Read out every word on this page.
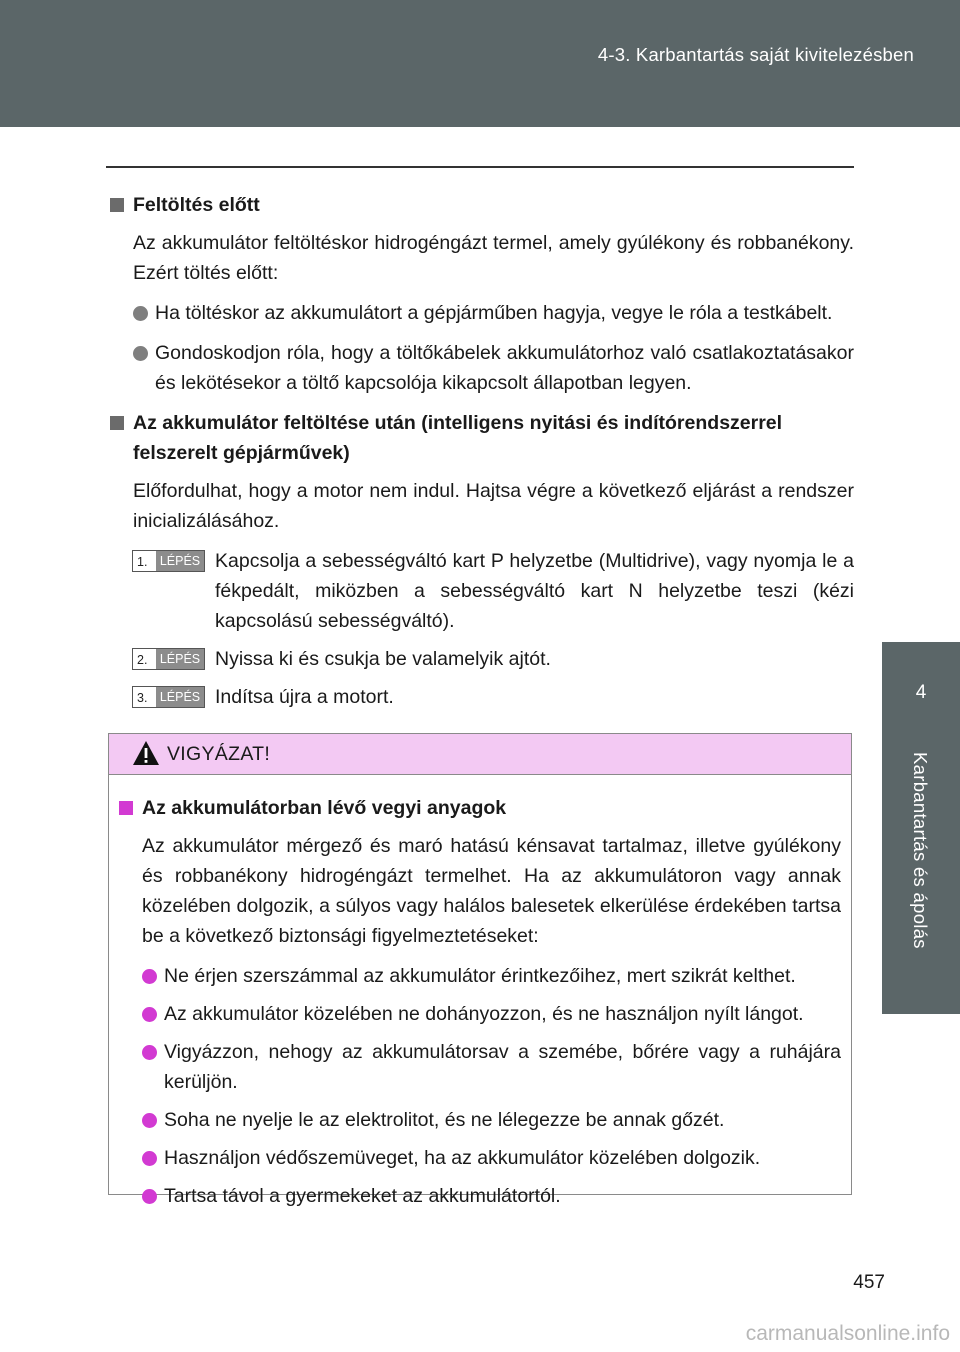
4-3. Karbantartás saját kivitelezésben
4
Karbantartás és ápolás
Feltöltés előtt
Az akkumulátor feltöltéskor hidrogéngázt termel, amely gyúlékony és robbanékony. Ezért töltés előtt:
Ha töltéskor az akkumulátort a gépjárműben hagyja, vegye le róla a testkábelt.
Gondoskodjon róla, hogy a töltőkábelek akkumulátorhoz való csatlakoztatásakor és lekötésekor a töltő kapcsolója kikapcsolt állapotban legyen.
Az akkumulátor feltöltése után (intelligens nyitási és indítórendszerrel felszerelt gépjárművek)
Előfordulhat, hogy a motor nem indul. Hajtsa végre a következő eljárást a rendszer inicializálásához.
1. LÉPÉS Kapcsolja a sebességváltó kart P helyzetbe (Multidrive), vagy nyomja le a fékpedált, miközben a sebességváltó kart N helyzetbe teszi (kézi kapcsolású sebességváltó).
2. LÉPÉS Nyissa ki és csukja be valamelyik ajtót.
3. LÉPÉS Indítsa újra a motort.
VIGYÁZAT!
Az akkumulátorban lévő vegyi anyagok
Az akkumulátor mérgező és maró hatású kénsavat tartalmaz, illetve gyúlékony és robbanékony hidrogéngázt termelhet. Ha az akkumulátoron vagy annak közelében dolgozik, a súlyos vagy halálos balesetek elkerülése érdekében tartsa be a következő biztonsági figyelmeztetéseket:
Ne érjen szerszámmal az akkumulátor érintkezőihez, mert szikrát kelthet.
Az akkumulátor közelében ne dohányozzon, és ne használjon nyílt lángot.
Vigyázzon, nehogy az akkumulátorsav a szemébe, bőrére vagy a ruhájára kerüljön.
Soha ne nyelje le az elektrolitot, és ne lélegezze be annak gőzét.
Használjon védőszemüveget, ha az akkumulátor közelében dolgozik.
Tartsa távol a gyermekeket az akkumulátortól.
457
carmanualsonline.info
